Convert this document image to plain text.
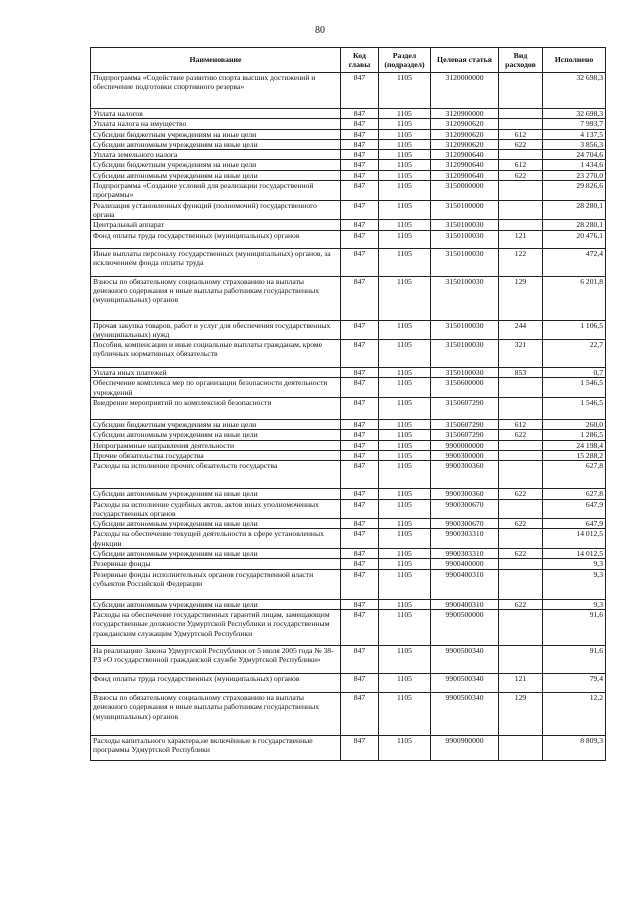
80
Наименование	Код главы	Раздел (подраздел)	Целевая статья	Вид расходов	Исполнено
Подпрограмма «Содействие развитию спорта высших достижений и обеспечение подготовки спортивного резерва»	847	1105	3120000000		32 698,3
Уплата налогов	847	1105	3120900000		32 698,3
Уплата налога на имущество	847	1105	3120900620		7 993,7
Субсидии бюджетным учреждениям на иные цели	847	1105	3120900620	612	4 137,5
Субсидии автономным учреждениям на иные цели	847	1105	3120900620	622	3 856,3
Уплата земельного налога	847	1105	3120900640		24 704,6
Субсидии бюджетным учреждениям на иные цели	847	1105	3120900640	612	1 434,6
Субсидии автономным учреждениям на иные цели	847	1105	3120900640	622	23 270,0
Подпрограмма «Создание условий для реализации государственной программы»	847	1105	3150000000		29 826,6
Реализация установленных функций (полномочий) государственного органа	847	1105	3150100000		28 280,1
Центральный аппарат	847	1105	3150100030		28 280,1
Фонд оплаты труда государственных (муниципальных) органов	847	1105	3150100030	121	20 476,1
Иные выплаты персоналу государственных (муниципальных) органов, за исключением фонда оплаты труда	847	1105	3150100030	122	472,4
Взносы по обязательному социальному страхованию на выплаты денежного содержания и иные выплаты работникам государственных (муниципальных) органов	847	1105	3150100030	129	6 201,8
Прочая закупка товаров, работ и услуг для обеспечения государственных (муниципальных) нужд	847	1105	3150100030	244	1 106,5
Пособия, компенсации и иные социальные выплаты гражданам, кроме публичных нормативных обязательств	847	1105	3150100030	321	22,7
Уплата иных платежей	847	1105	3150100030	853	0,7
Обеспечение комплекса мер по организации безопасности деятельности учреждений	847	1105	3150600000		1 546,5
Внедрение мероприятий по комплексной безопасности	847	1105	3150607290		1 546,5
Субсидии бюджетным учреждениям на иные цели	847	1105	3150607290	612	260,0
Субсидии автономным учреждениям на иные цели	847	1105	3150607290	622	1 286,5
Непрограммные направления деятельности	847	1105	9900000000		24 198,4
Прочие обязательства государства	847	1105	9900300000		15 288,2
Расходы на исполнение прочих обязательств государства	847	1105	9900300360		627,8
Субсидии автономным учреждениям на иные цели	847	1105	9900300360	622	627,8
Расходы на исполнение судебных актов, актов иных уполномоченных государственных органов	847	1105	9900300670		647,9
Субсидии автономным учреждениям на иные цели	847	1105	9900300670	622	647,9
Расходы на обеспечение текущей деятельности в сфере установленных функции	847	1105	9900303310		14 012,5
Субсидии автономным учреждениям на иные цели	847	1105	9900303310	622	14 012,5
Резервные фонды	847	1105	9900400000		9,3
Резервные фонды исполнительных органов государственной власти субъектов Российской Федерации	847	1105	9900400310		9,3
Субсидии автономным учреждениям на иные цели	847	1105	9900400310	622	9,3
Расходы на обеспечение государственных гарантий лицам, замещающим государственные должности Удмуртской Республики и государственным гражданским служащим Удмуртской Республики	847	1105	9900500000		91,6
На реализацию Закона Удмуртской Республики от 5 июля 2005 года № 38-РЗ «О государственной гражданской службе Удмуртской Республики»	847	1105	9900500340		91,6
Фонд оплаты труда государственных (муниципальных) органов	847	1105	9900500340	121	79,4
Взносы по обязательному социальному страхованию на выплаты денежного содержания и иные выплаты работникам государственных (муниципальных) органов	847	1105	9900500340	129	12,2
Расходы капитального характера,не включённые в государственные программы Удмуртской Республики	847	1105	9900900000		8 809,3
